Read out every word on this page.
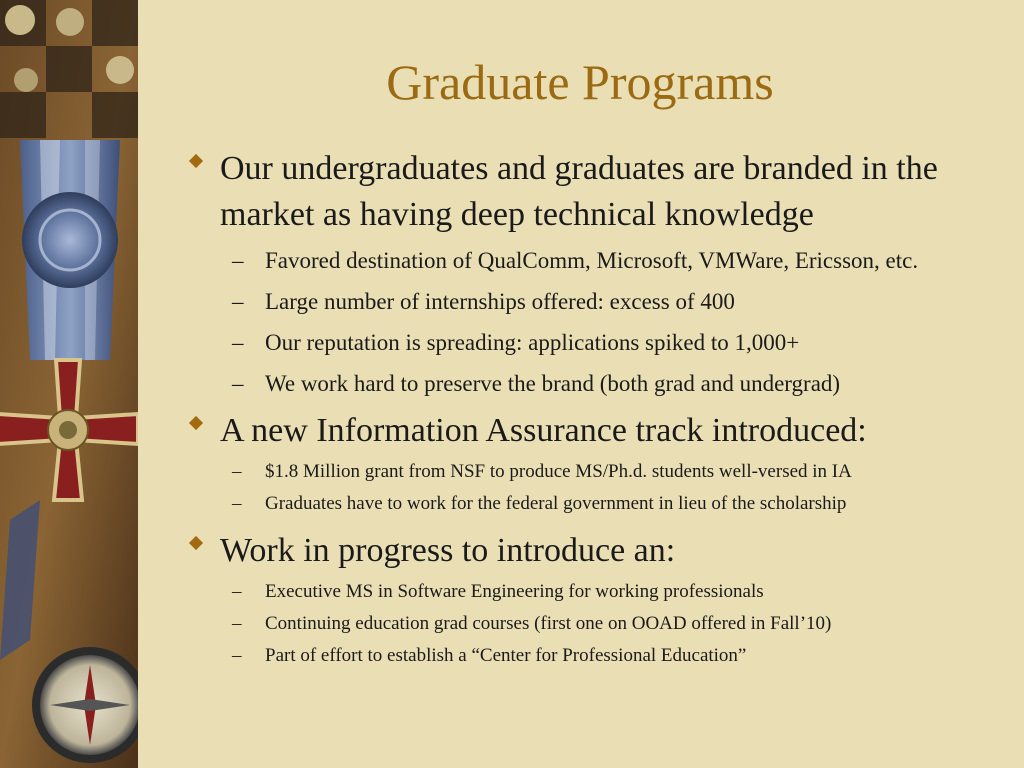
Graduate Programs
Our undergraduates and graduates are branded in the market as having deep technical knowledge
– Favored destination of QualComm, Microsoft, VMWare, Ericsson, etc.
– Large number of internships offered: excess of 400
– Our reputation is spreading: applications spiked to 1,000+
– We work hard to preserve the brand (both grad and undergrad)
A new Information Assurance track introduced:
– $1.8 Million grant from NSF to produce MS/Ph.d. students well-versed in IA
– Graduates have to work for the federal government in lieu of the scholarship
Work in progress to introduce an:
– Executive MS in Software Engineering for working professionals
– Continuing education grad courses (first one on OOAD offered in Fall’10)
– Part of effort to establish a “Center for Professional Education”
